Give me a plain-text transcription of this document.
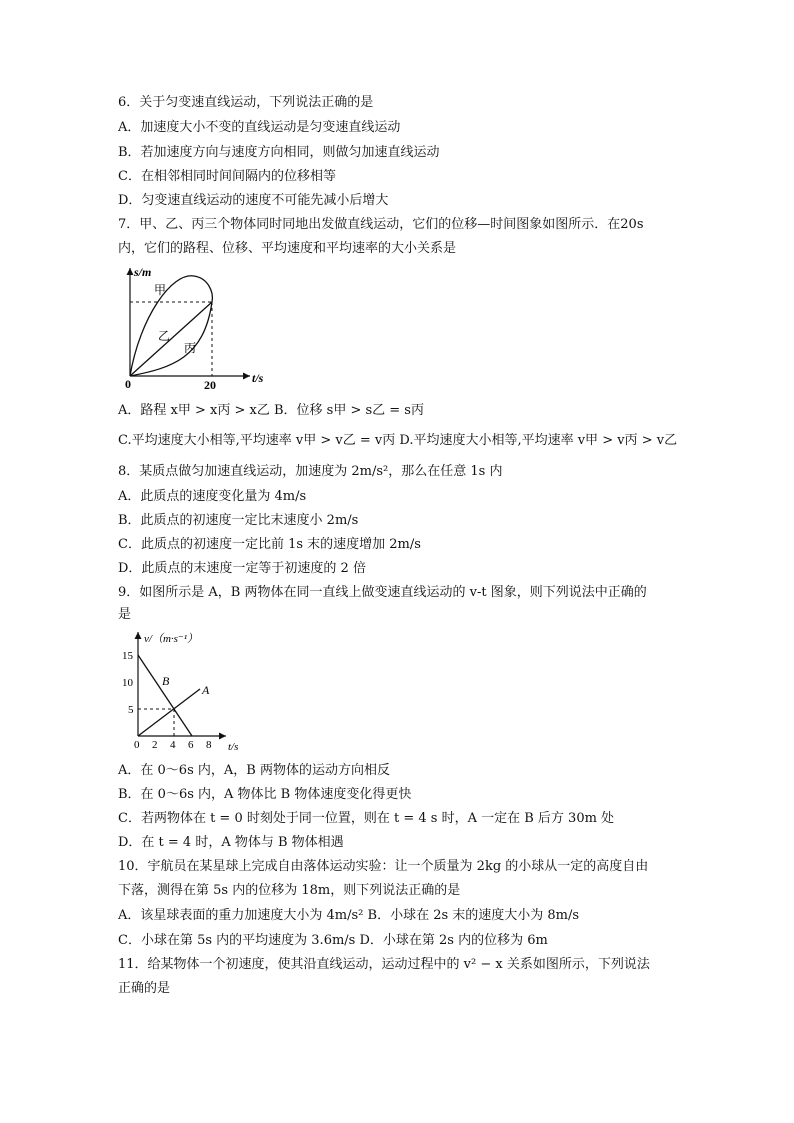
6．关于匀变速直线运动，下列说法正确的是
A．加速度大小不变的直线运动是匀变速直线运动
B．若加速度方向与速度方向相同，则做匀加速直线运动
C．在相邻相同时间间隔内的位移相等
D．匀变速直线运动的速度不可能先减小后增大
7．甲、乙、丙三个物体同时同地出发做直线运动，它们的位移—时间图象如图所示．在20s
内，它们的路程、位移、平均速度和平均速率的大小关系是
s/m
t/s
0	20
甲
乙
丙
A．路程 x甲 > x丙 > x乙 B．位移 s甲 > s乙 = s丙
C.平均速度大小相等,平均速率 v甲 > v乙 = v丙 D.平均速度大小相等,平均速率 v甲 > v丙 > v乙
8．某质点做匀加速直线运动，加速度为 2m/s²，那么在任意 1s 内
A．此质点的速度变化量为 4m/s
B．此质点的初速度一定比末速度小 2m/s
C．此质点的初速度一定比前 1s 末的速度增加 2m/s
D．此质点的末速度一定等于初速度的 2 倍
9．如图所示是 A，B 两物体在同一直线上做变速直线运动的 v-t 图象，则下列说法中正确的
是
v/（m·s⁻¹）
t/s
15
10
5
0 2 4 6 8
A
B
A．在 0～6s 内，A，B 两物体的运动方向相反
B．在 0～6s 内，A 物体比 B 物体速度变化得更快
C．若两物体在 t = 0 时刻处于同一位置，则在 t = 4 s 时，A 一定在 B 后方 30m 处
D．在 t = 4 时，A 物体与 B 物体相遇
10．宇航员在某星球上完成自由落体运动实验：让一个质量为 2kg 的小球从一定的高度自由
下落，测得在第 5s 内的位移为 18m，则下列说法正确的是
A．该星球表面的重力加速度大小为 4m/s² B．小球在 2s 末的速度大小为 8m/s
C．小球在第 5s 内的平均速度为 3.6m/s D．小球在第 2s 内的位移为 6m
11．给某物体一个初速度，使其沿直线运动，运动过程中的 v² − x 关系如图所示，下列说法
正确的是
